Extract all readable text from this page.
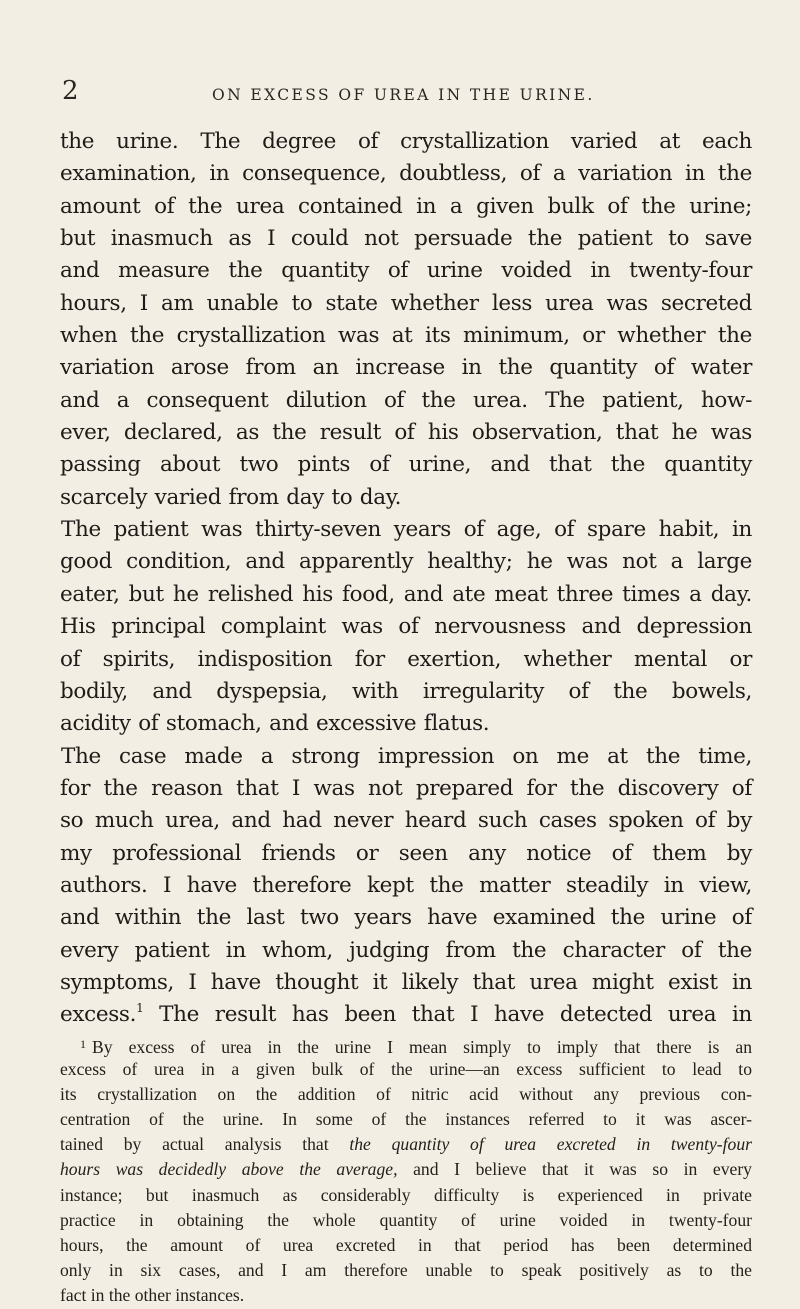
2	ON EXCESS OF UREA IN THE URINE.
the urine. The degree of crystallization varied at each
examination, in consequence, doubtless, of a variation in the
amount of the urea contained in a given bulk of the urine;
but inasmuch as I could not persuade the patient to save
and measure the quantity of urine voided in twenty-four
hours, I am unable to state whether less urea was secreted
when the crystallization was at its minimum, or whether the
variation arose from an increase in the quantity of water
and a consequent dilution of the urea. The patient, how-
ever, declared, as the result of his observation, that he was
passing about two pints of urine, and that the quantity
scarcely varied from day to day.
The patient was thirty-seven years of age, of spare habit, in
good condition, and apparently healthy; he was not a large
eater, but he relished his food, and ate meat three times a day.
His principal complaint was of nervousness and depression
of spirits, indisposition for exertion, whether mental or
bodily, and dyspepsia, with irregularity of the bowels,
acidity of stomach, and excessive flatus.
The case made a strong impression on me at the time,
for the reason that I was not prepared for the discovery of
so much urea, and had never heard such cases spoken of by
my professional friends or seen any notice of them by
authors. I have therefore kept the matter steadily in view,
and within the last two years have examined the urine of
every patient in whom, judging from the character of the
symptoms, I have thought it likely that urea might exist in
excess.$^1$ The result has been that I have detected urea in
$^1$ By excess of urea in the urine I mean simply to imply that there is an
excess of urea in a given bulk of the urine—an excess sufficient to lead to
its crystallization on the addition of nitric acid without any previous con-
centration of the urine. In some of the instances referred to it was ascer-
tained by actual analysis that the quantity of urea excreted in twenty-four
hours was decidedly above the average, and I believe that it was so in every
instance; but inasmuch as considerably difficulty is experienced in private
practice in obtaining the whole quantity of urine voided in twenty-four
hours, the amount of urea excreted in that period has been determined
only in six cases, and I am therefore unable to speak positively as to the
fact in the other instances.
